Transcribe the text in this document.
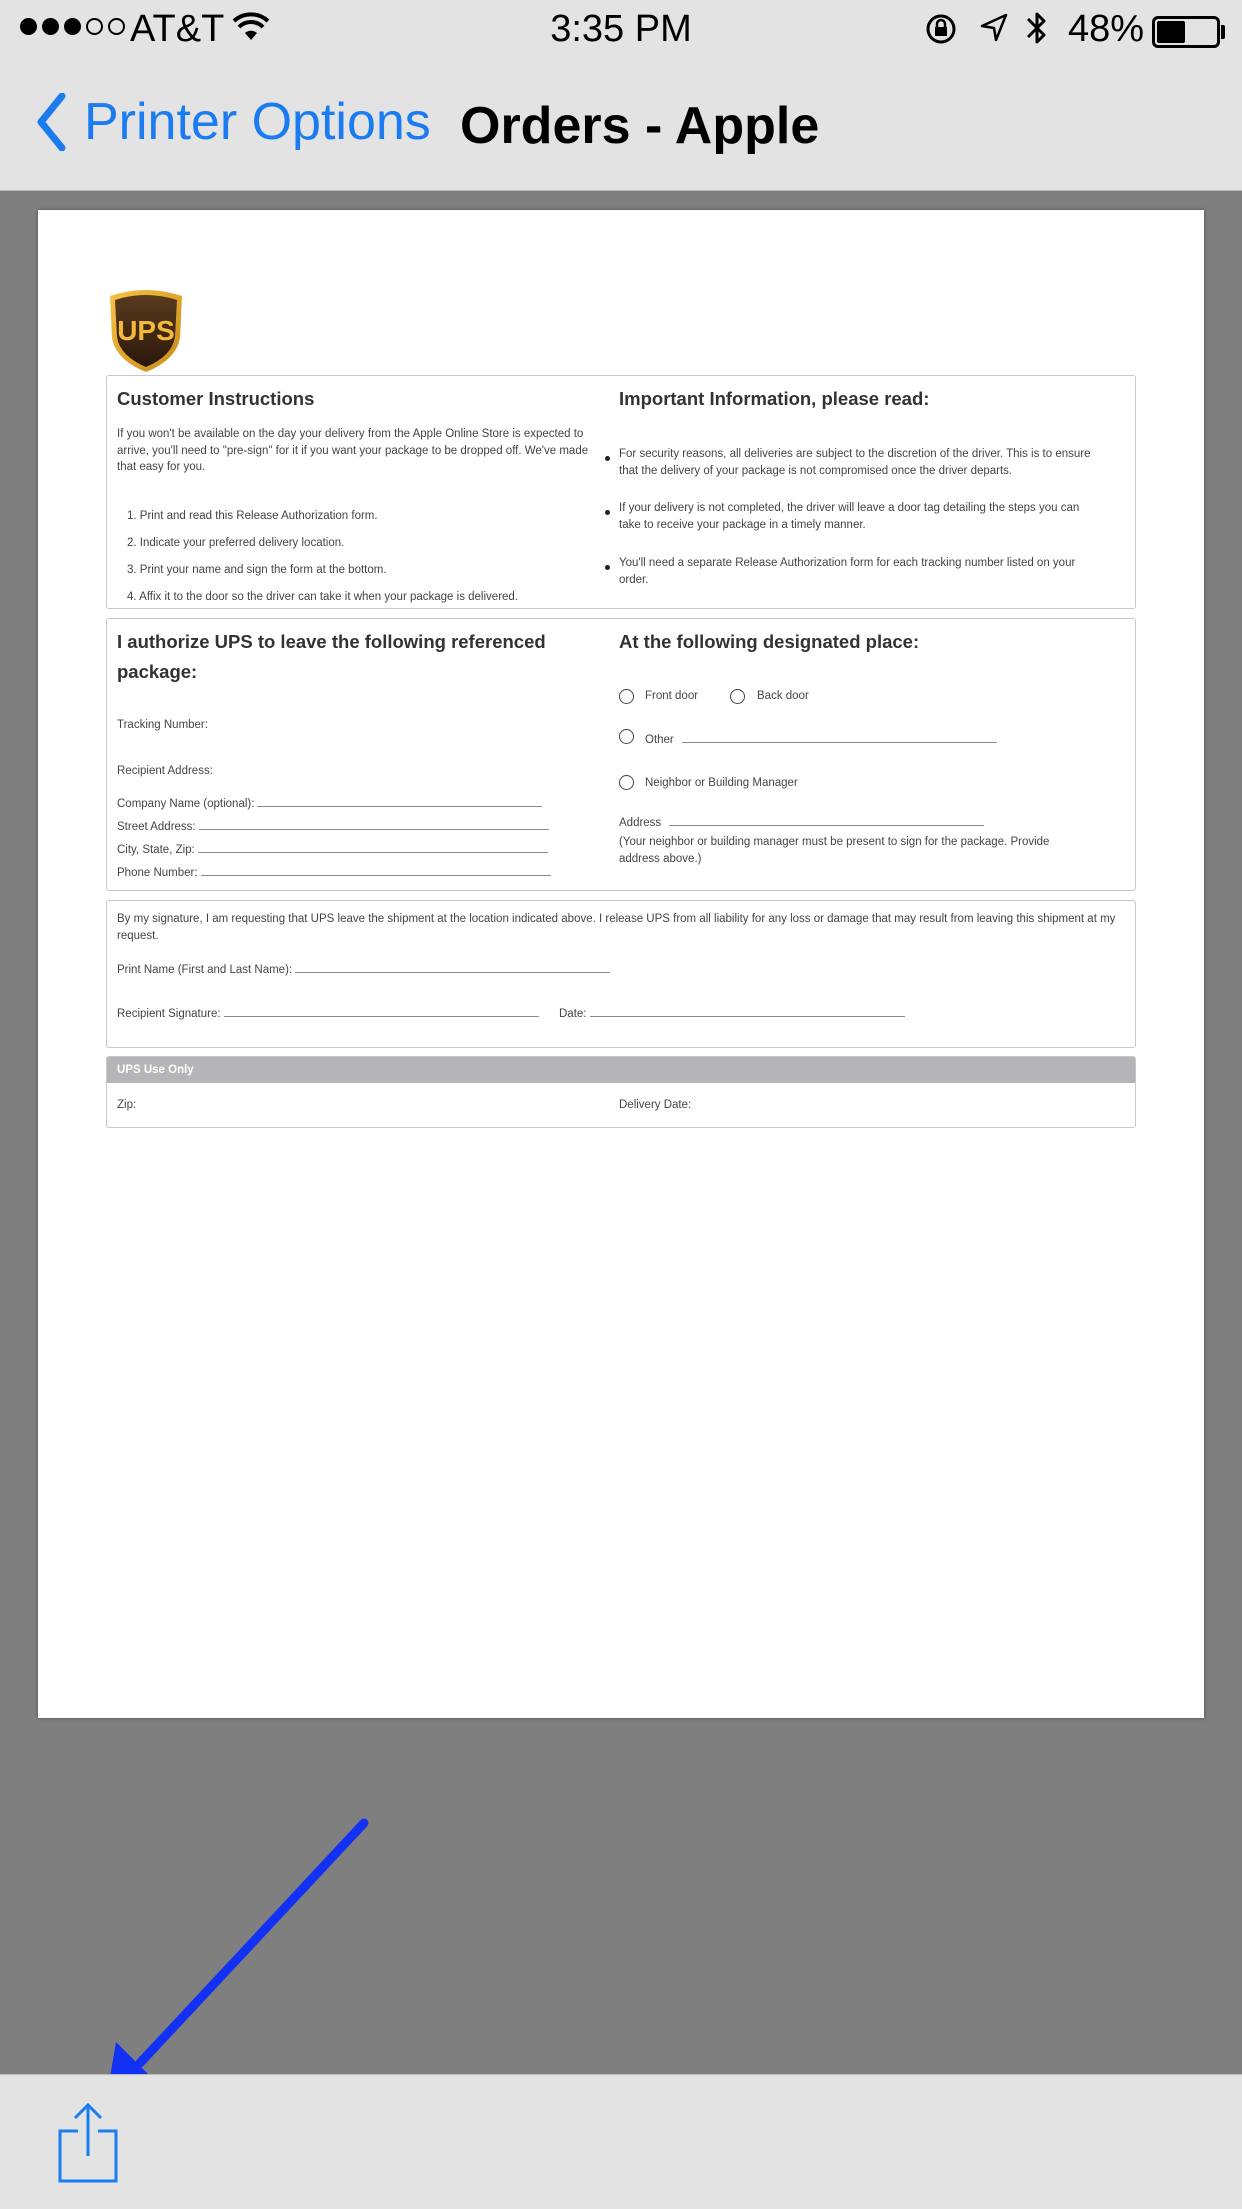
AT&T	3:35 PM	48%
Printer Options Orders - Apple
UPS
Customer Instructions
If you won't be available on the day your delivery from the Apple Online Store is expected to arrive, you'll need to "pre-sign" for it if you want your package to be dropped off. We've made that easy for you.
1. Print and read this Release Authorization form.
2. Indicate your preferred delivery location.
3. Print your name and sign the form at the bottom.
4. Affix it to the door so the driver can take it when your package is delivered.
Important Information, please read:
For security reasons, all deliveries are subject to the discretion of the driver. This is to ensure that the delivery of your package is not compromised once the driver departs.
If your delivery is not completed, the driver will leave a door tag detailing the steps you can take to receive your package in a timely manner.
You'll need a separate Release Authorization form for each tracking number listed on your order.
I authorize UPS to leave the following referenced package:
Tracking Number:
Recipient Address:
Company Name (optional):
Street Address:
City, State, Zip:
Phone Number:
At the following designated place:
Front door	Back door
Other
Neighbor or Building Manager
Address
(Your neighbor or building manager must be present to sign for the package. Provide address above.)
By my signature, I am requesting that UPS leave the shipment at the location indicated above. I release UPS from all liability for any loss or damage that may result from leaving this shipment at my request.
Print Name (First and Last Name):
Recipient Signature:	Date:
UPS Use Only
Zip:	Delivery Date:
